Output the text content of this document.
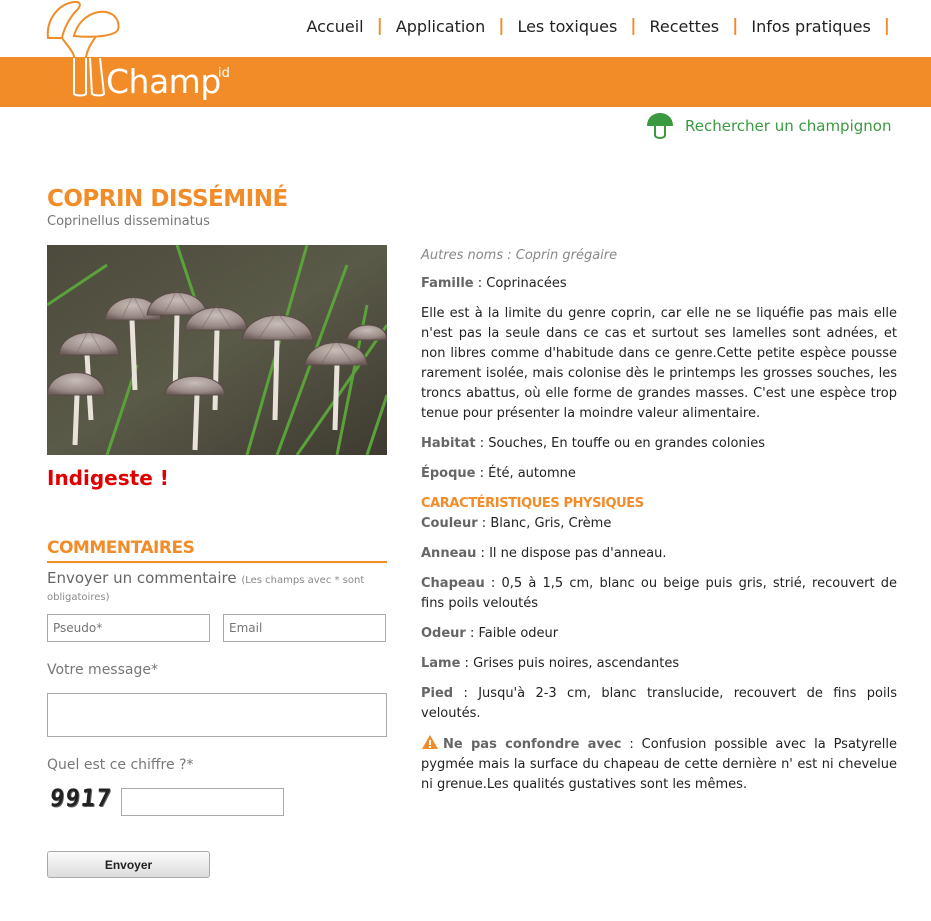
Champ
id
Accueil | Application | Les toxiques | Recettes | Infos pratiques |
Rechercher un champignon
COPRIN DISSÉMINÉ
Coprinellus disseminatus
Indigeste !
COMMENTAIRES
Envoyer un commentaire (Les champs avec * sont obligatoires)
Pseudo*
Email
Votre message*
Quel est ce chiffre ?*
9917
Envoyer

Autres noms : Coprin grégaire

Famille : Coprinacées

Elle est à la limite du genre coprin, car elle ne se liquéfie pas mais elle n'est pas la seule dans ce cas et surtout ses lamelles sont adnées, et non libres comme d'habitude dans ce genre.Cette petite espèce pousse rarement isolée, mais colonise dès le printemps les grosses souches, les troncs abattus, où elle forme de grandes masses. C'est une espèce trop tenue pour présenter la moindre valeur alimentaire.

Habitat : Souches, En touffe ou en grandes colonies

Époque : Été, automne

CARACTÉRISTIQUES PHYSIQUES

Couleur : Blanc, Gris, Crème

Anneau : Il ne dispose pas d'anneau.

Chapeau : 0,5 à 1,5 cm, blanc ou beige puis gris, strié, recouvert de fins poils veloutés

Odeur : Faible odeur

Lame : Grises puis noires, ascendantes

Pied : Jusqu'à 2-3 cm, blanc translucide, recouvert de fins poils veloutés.

Ne pas confondre avec : Confusion possible avec la Psatyrelle pygmée mais la surface du chapeau de cette dernière n' est ni chevelue ni grenue.Les qualités gustatives sont les mêmes.
